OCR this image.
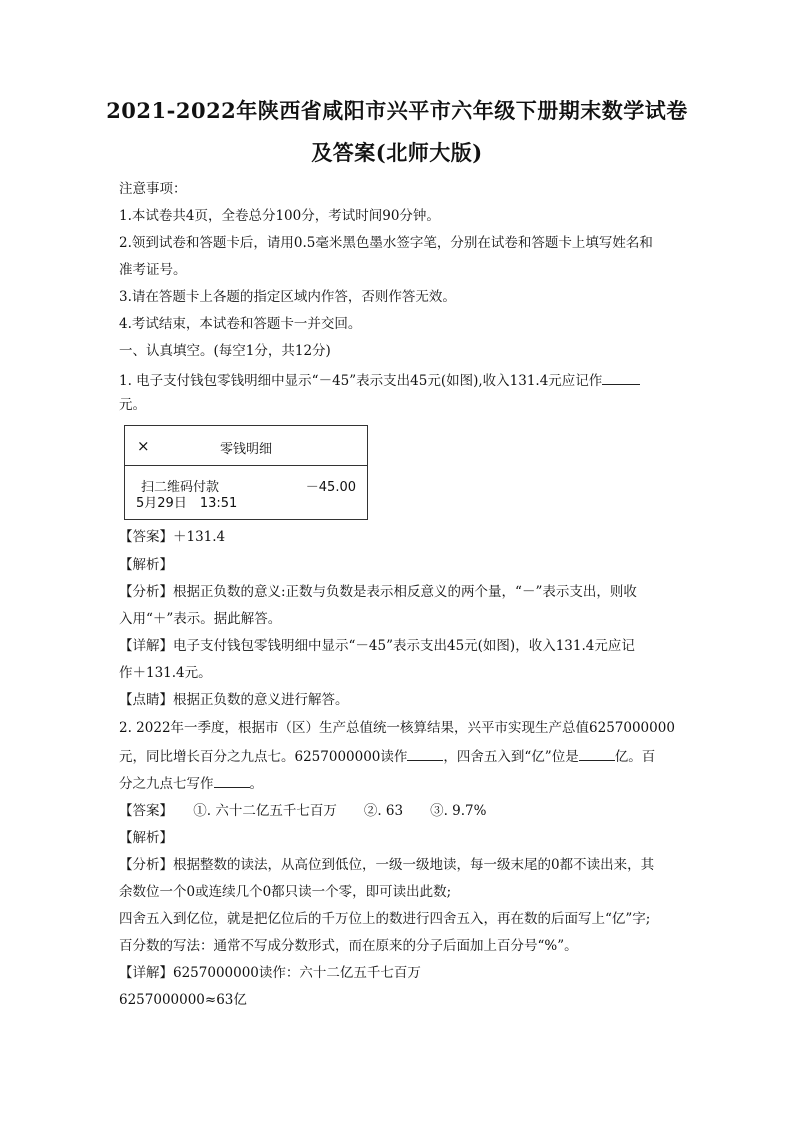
2021-2022年陕西省咸阳市兴平市六年级下册期末数学试卷
及答案(北师大版)
注意事项：
1.本试卷共4页，全卷总分100分，考试时间90分钟。
2.领到试卷和答题卡后，请用0.5毫米黑色墨水签字笔，分别在试卷和答题卡上填写姓名和
准考证号。
3.请在答题卡上各题的指定区域内作答，否则作答无效。
4.考试结束，本试卷和答题卡一并交回。
一、认真填空。(每空1分，共12分)
1. 电子支付钱包零钱明细中显示“－45”表示支出45元(如图),收入131.4元应记作
元。
×	零钱明细
扫二维码付款	－45.00
5月29日　13:51
【答案】＋131.4
【解析】
【分析】根据正负数的意义:正数与负数是表示相反意义的两个量，“－”表示支出，则收
入用“＋”表示。据此解答。
【详解】电子支付钱包零钱明细中显示“－45”表示支出45元(如图)，收入131.4元应记
作＋131.4元。
【点睛】根据正负数的意义进行解答。
2. 2022年一季度，根据市（区）生产总值统一核算结果，兴平市实现生产总值6257000000
元，同比增长百分之九点七。6257000000读作	，四舍五入到“亿”位是	亿。百
分之九点七写作	。
【答案】　　①. 六十二亿五千七百万　　②. 63　　③. 9.7%
【解析】
【分析】根据整数的读法，从高位到低位，一级一级地读，每一级末尾的0都不读出来，其
余数位一个0或连续几个0都只读一个零，即可读出此数;
四舍五入到亿位，就是把亿位后的千万位上的数进行四舍五入，再在数的后面写上“亿”字;
百分数的写法：通常不写成分数形式，而在原来的分子后面加上百分号“%”。
【详解】6257000000读作：六十二亿五千七百万
6257000000≈63亿
